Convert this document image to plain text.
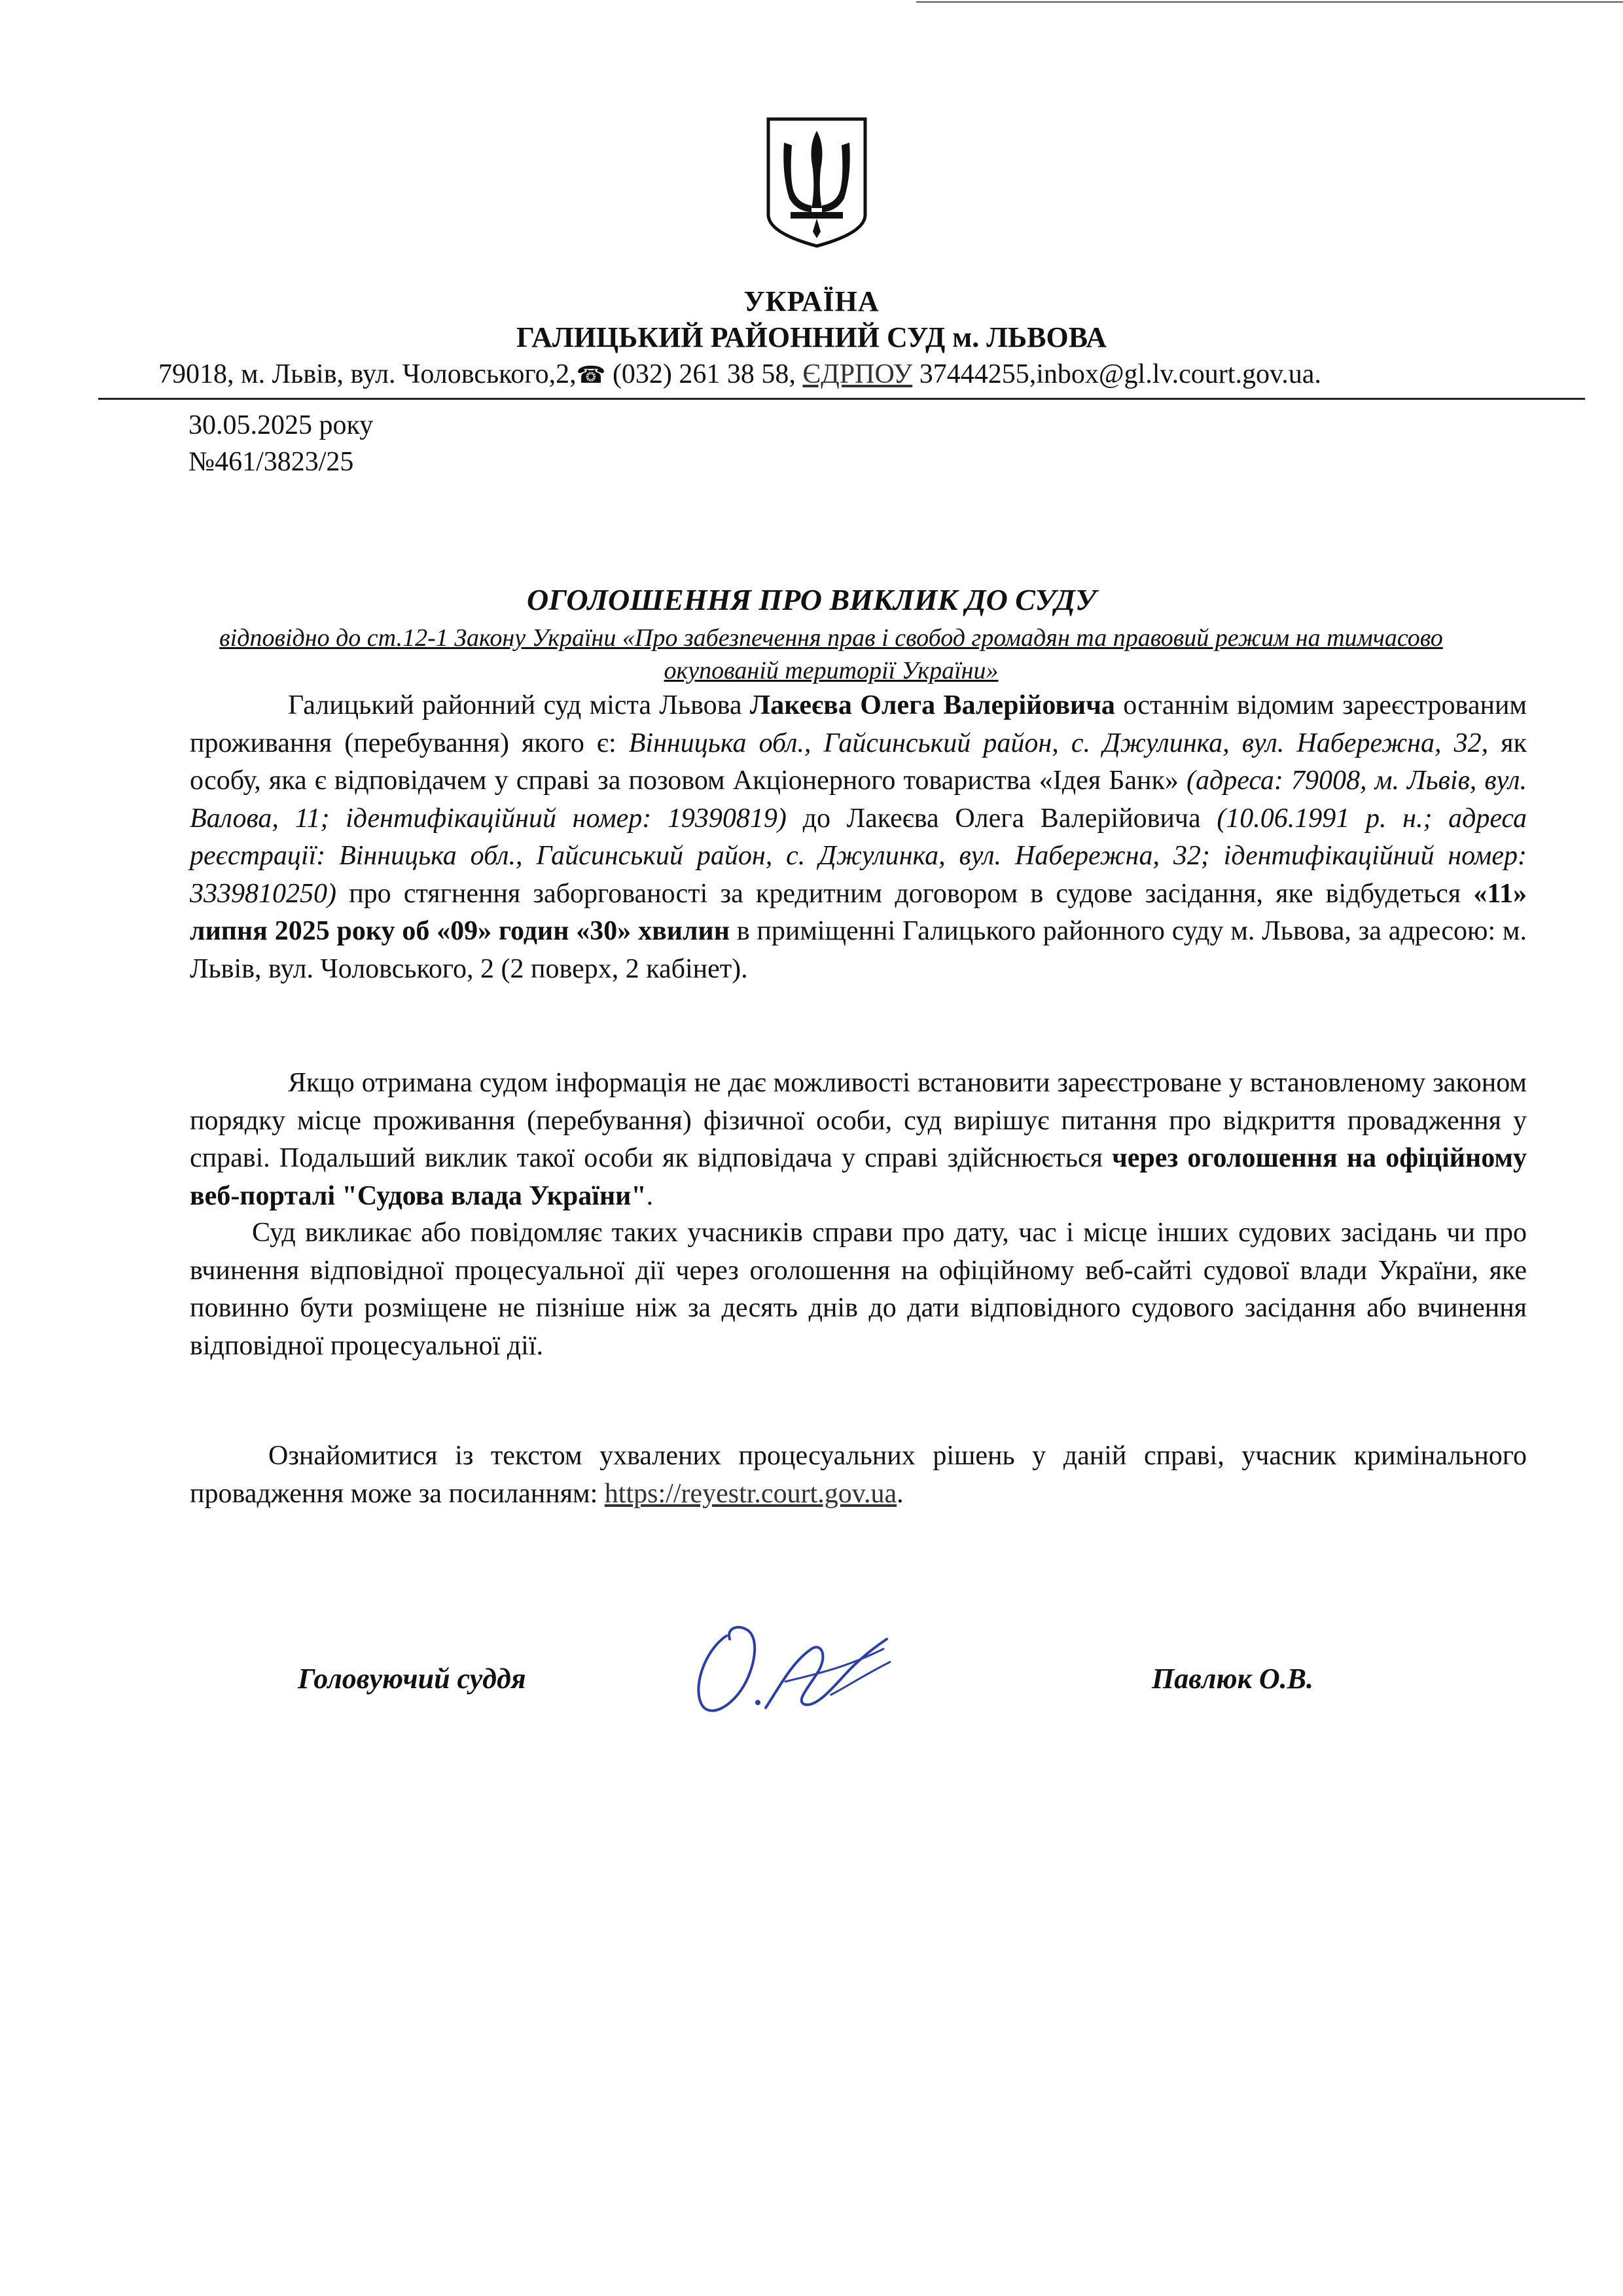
УКРАЇНА
ГАЛИЦЬКИЙ РАЙОННИЙ СУД м. ЛЬВОВА
79018, м. Львів, вул. Чоловського,2,☎ (032) 261 38 58, ЄДРПОУ 37444255,inbox@gl.lv.court.gov.ua.
30.05.2025 року
№461/3823/25
ОГОЛОШЕННЯ ПРО ВИКЛИК ДО СУДУ
відповідно до ст.12-1 Закону України «Про забезпечення прав і свобод громадян та правовий режим на тимчасово окупованій території України»
Галицький районний суд міста Львова Лакеєва Олега Валерійовича останнім відомим зареєстрованим проживання (перебування) якого є: Вінницька обл., Гайсинський район, с. Джулинка, вул. Набережна, 32, як особу, яка є відповідачем у справі за позовом Акціонерного товариства «Ідея Банк» (адреса: 79008, м. Львів, вул. Валова, 11; ідентифікаційний номер: 19390819) до Лакеєва Олега Валерійовича (10.06.1991 р. н.; адреса реєстрації: Вінницька обл., Гайсинський район, с. Джулинка, вул. Набережна, 32; ідентифікаційний номер: 3339810250) про стягнення заборгованості за кредитним договором в судове засідання, яке відбудеться «11» липня 2025 року об «09» годин «30» хвилин в приміщенні Галицького районного суду м. Львова, за адресою: м. Львів, вул. Чоловського, 2 (2 поверх, 2 кабінет).
Якщо отримана судом інформація не дає можливості встановити зареєстроване у встановленому законом порядку місце проживання (перебування) фізичної особи, суд вирішує питання про відкриття провадження у справі. Подальший виклик такої особи як відповідача у справі здійснюється через оголошення на офіційному веб-порталі "Судова влада України".
Суд викликає або повідомляє таких учасників справи про дату, час і місце інших судових засідань чи про вчинення відповідної процесуальної дії через оголошення на офіційному веб-сайті судової влади України, яке повинно бути розміщене не пізніше ніж за десять днів до дати відповідного судового засідання або вчинення відповідної процесуальної дії.
Ознайомитися із текстом ухвалених процесуальних рішень у даній справі, учасник кримінального провадження може за посиланням: https://reyestr.court.gov.ua.
Головуючий суддя	Павлюк О.В.
